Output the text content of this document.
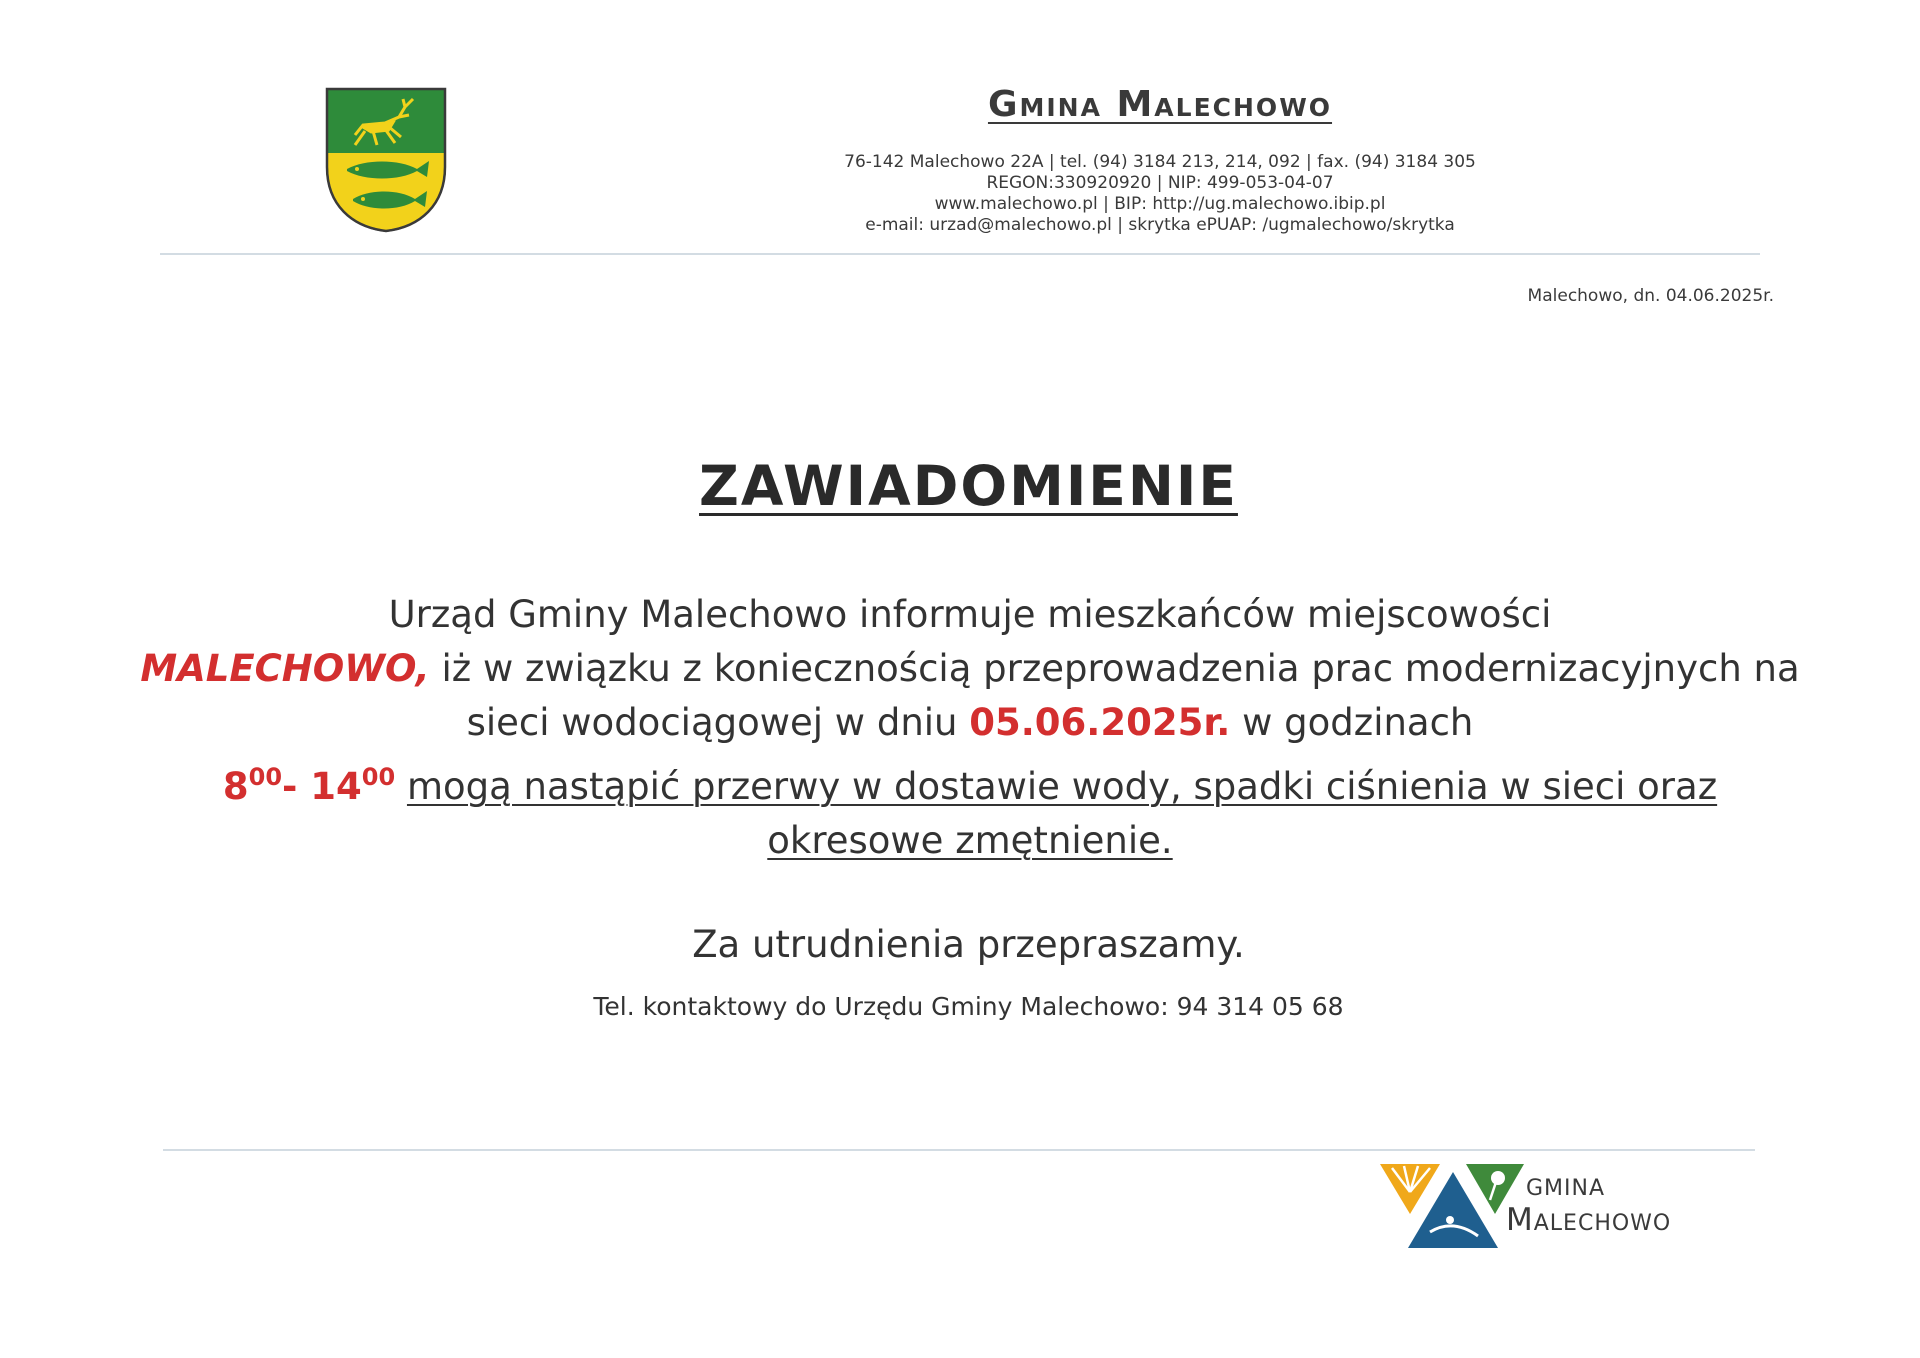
Gmina Malechowo
76-142 Malechowo 22A | tel. (94) 3184 213, 214, 092 | fax. (94) 3184 305
REGON:330920920 | NIP: 499-053-04-07
www.malechowo.pl | BIP: http://ug.malechowo.ibip.pl
e-mail: urzad@malechowo.pl | skrytka ePUAP: /ugmalechowo/skrytka
Malechowo, dn. 04.06.2025r.
ZAWIADOMIENIE
Urząd Gminy Malechowo informuje mieszkańców miejscowości
MALECHOWO, iż w związku z koniecznością przeprowadzenia prac modernizacyjnych na sieci wodociągowej w dniu 05.06.2025r. w godzinach
$8^{00}-$ $14^{00}$ mogą nastąpić przerwy w dostawie wody, spadki ciśnienia w sieci oraz okresowe zmętnienie.
Za utrudnienia przepraszamy.
Tel. kontaktowy do Urzędu Gminy Malechowo: 94 314 05 68
GMINA
Malechowo
